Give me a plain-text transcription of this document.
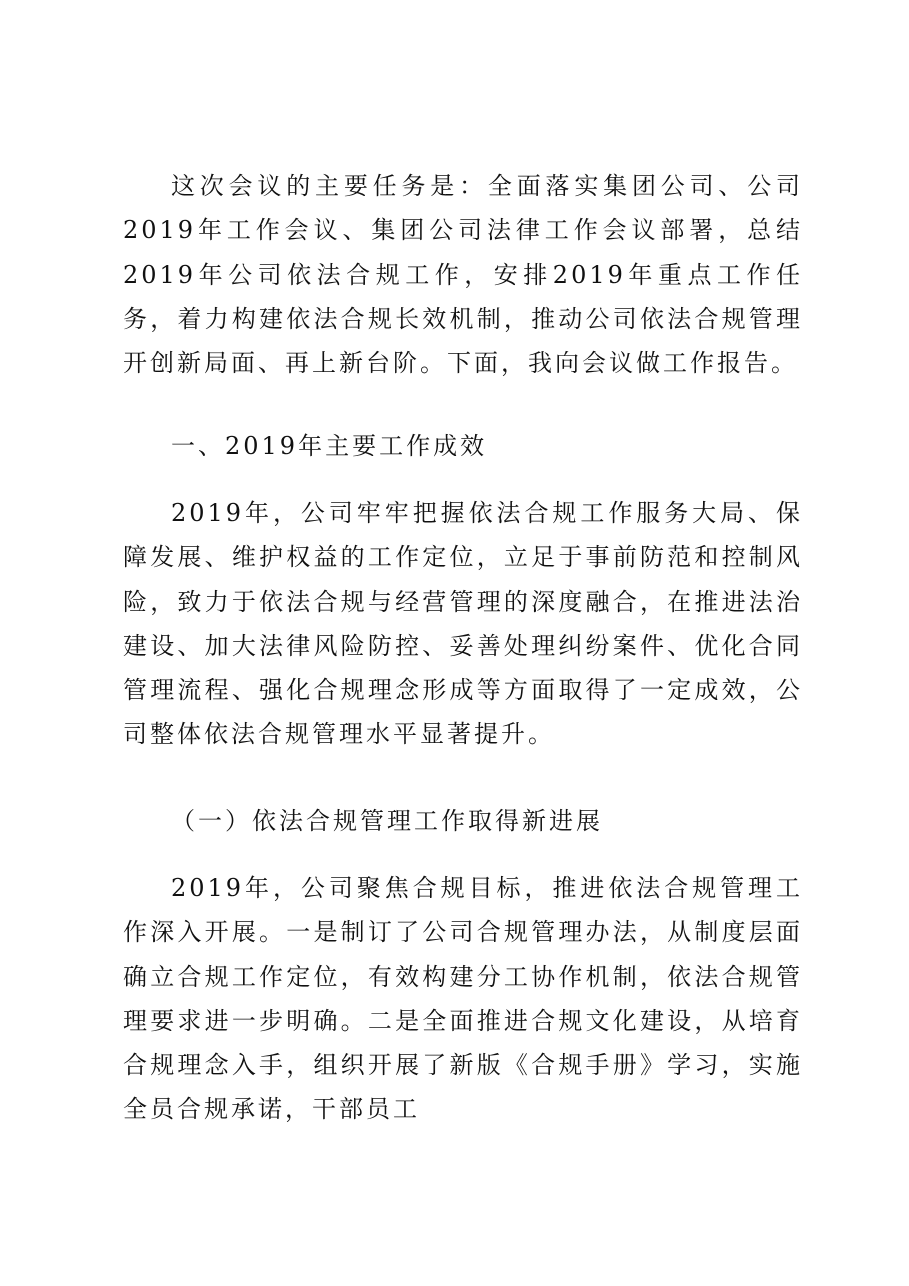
这次会议的主要任务是：全面落实集团公司、公司2019年工作会议、集团公司法律工作会议部署，总结2019年公司依法合规工作，安排2019年重点工作任务，着力构建依法合规长效机制，推动公司依法合规管理开创新局面、再上新台阶。下面，我向会议做工作报告。

一、2019年主要工作成效

2019年，公司牢牢把握依法合规工作服务大局、保障发展、维护权益的工作定位，立足于事前防范和控制风险，致力于依法合规与经营管理的深度融合，在推进法治建设、加大法律风险防控、妥善处理纠纷案件、优化合同管理流程、强化合规理念形成等方面取得了一定成效，公司整体依法合规管理水平显著提升。

（一）依法合规管理工作取得新进展

2019年，公司聚焦合规目标，推进依法合规管理工作深入开展。一是制订了公司合规管理办法，从制度层面确立合规工作定位，有效构建分工协作机制，依法合规管理要求进一步明确。二是全面推进合规文化建设，从培育合规理念入手，组织开展了新版《合规手册》学习，实施全员合规承诺，干部员工
